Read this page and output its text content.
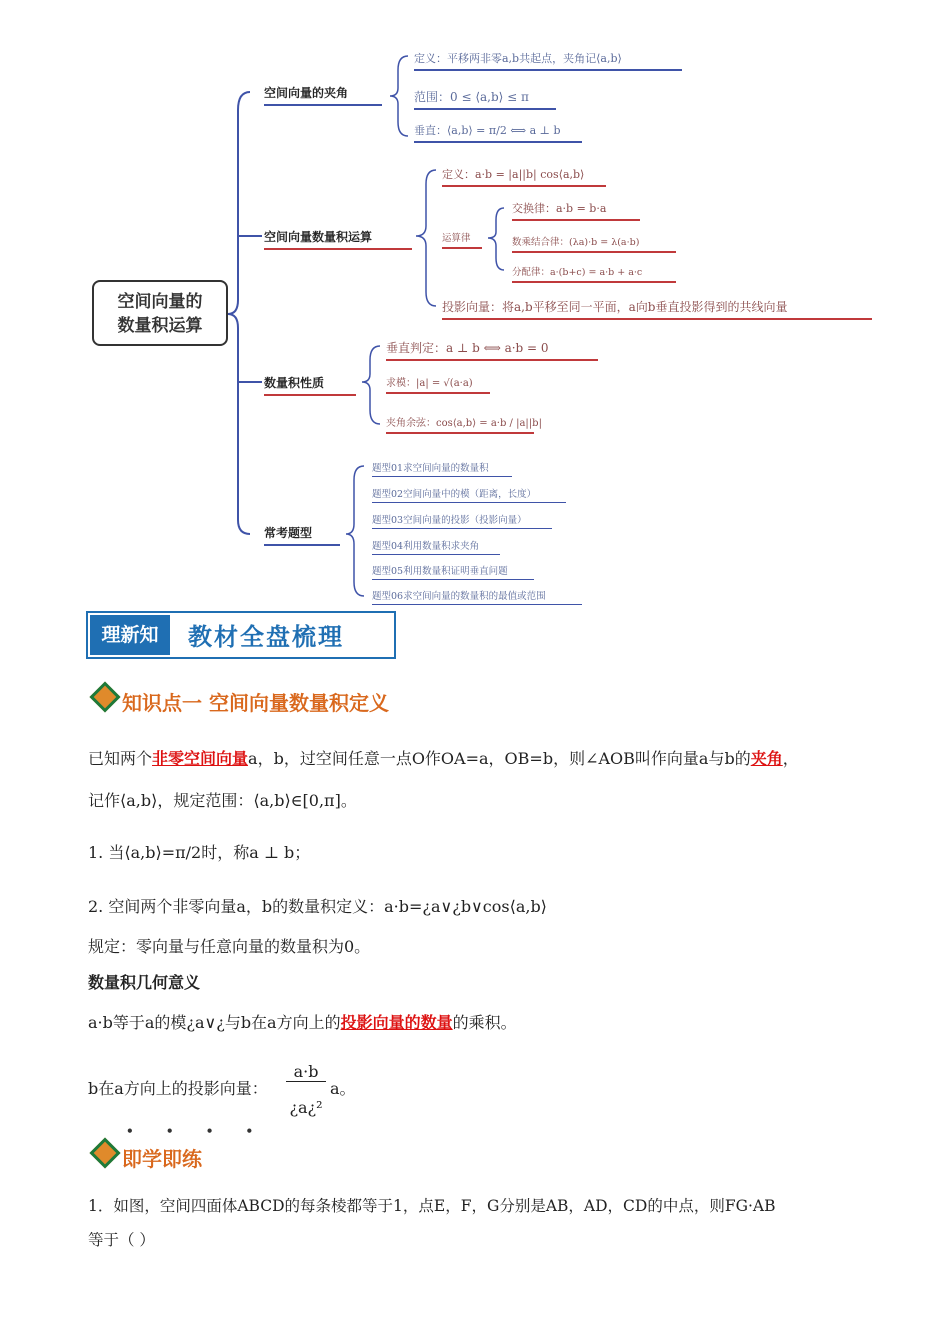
空间向量的
数量积运算
空间向量的夹角
定义：平移两非零a,b共起点，夹角记⟨a,b⟩
范围：0 ≤ ⟨a,b⟩ ≤ π
垂直：⟨a,b⟩ = π/2 ⟺ a ⊥ b
空间向量数量积运算
定义：a·b = |a||b| cos⟨a,b⟩
运算律
交换律：a·b = b·a
数乘结合律：(λa)·b = λ(a·b)
分配律：a·(b+c) = a·b + a·c
投影向量：将a,b平移至同一平面，a向b垂直投影得到的共线向量
数量积性质
垂直判定：a ⊥ b ⟺ a·b = 0
求模：|a| = √(a·a)
夹角余弦：cos⟨a,b⟩ = a·b / |a||b|
常考题型
题型01求空间向量的数量积
题型02空间向量中的模（距离，长度）
题型03空间向量的投影（投影向量）
题型04利用数量积求夹角
题型05利用数量积证明垂直问题
题型06求空间向量的数量积的最值或范围
理新知	教材全盘梳理
知识点一 空间向量数量积定义
已知两个非零空间向量a，b，过空间任意一点O作OA=a，OB=b，则∠AOB叫作向量a与b的夹角，
记作⟨a,b⟩，规定范围：⟨a,b⟩∈[0,π]。
1. 当⟨a,b⟩=π/2时，称a ⊥ b；
2. 空间两个非零向量a，b的数量积定义：a·b=¿a∨¿b∨cos⟨a,b⟩
规定：零向量与任意向量的数量积为0。
数量积几何意义
a·b等于a的模¿a∨¿与b在a方向上的投影向量的数量的乘积。
b在a方向上的投影向量：
a·b
¿a¿²
a。
• • • •
即学即练
1．如图，空间四面体ABCD的每条棱都等于1，点E，F，G分别是AB，AD，CD的中点，则FG·AB
等于（ ）
